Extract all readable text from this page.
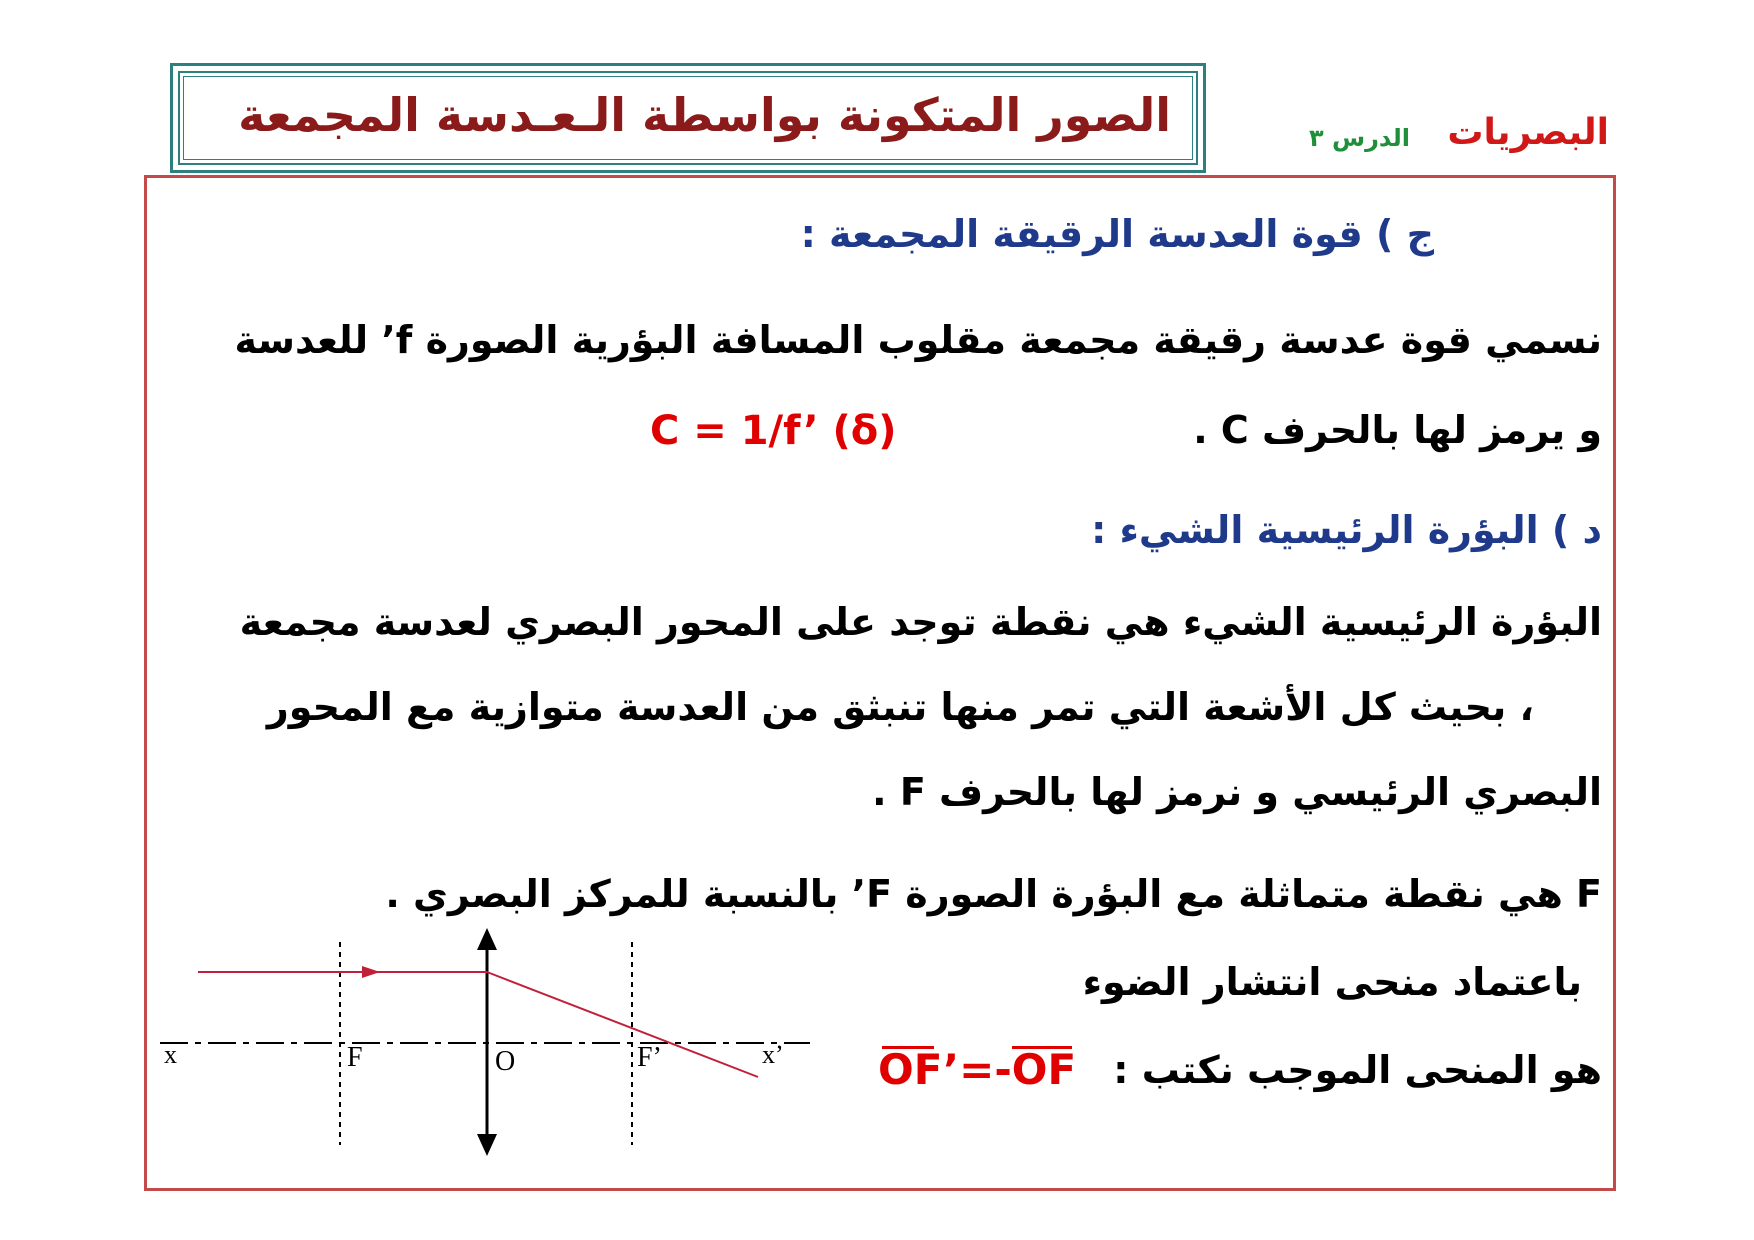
الصور المتكونة بواسطة الـعـدسة المجمعة	البصريات
الدرس ٣
ج ) قوة العدسة الرقيقة المجمعة :
نسمي قوة عدسة رقيقة مجمعة مقلوب المسافة البؤرية الصورة f’ للعدسة
و يرمز لها بالحرف C .
C = 1/f’ (δ)
د ) البؤرة الرئيسية الشيء :
البؤرة الرئيسية الشيء هي نقطة توجد على المحور البصري لعدسة مجمعة
، بحيث كل الأشعة التي تمر منها تنبثق من العدسة متوازية مع المحور
البصري الرئيسي و نرمز لها بالحرف F .
F هي نقطة متماثلة مع البؤرة الصورة F’ بالنسبة للمركز البصري .
باعتماد منحى انتشار الضوء
هو المنحى الموجب نكتب :
OF’=-OF
x	F	O	F’	x’
